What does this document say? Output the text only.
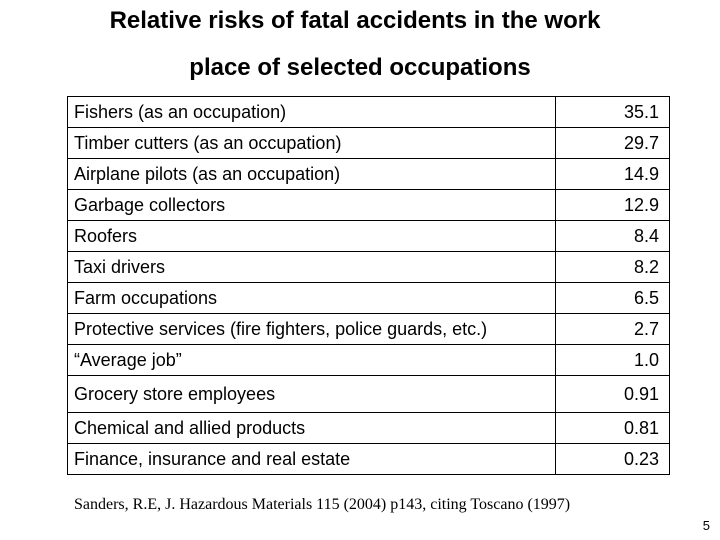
Relative risks of fatal accidents in the work
place of selected occupations
Fishers (as an occupation)	35.1
Timber cutters (as an occupation)	29.7
Airplane pilots (as an occupation)	14.9
Garbage collectors	12.9
Roofers	8.4
Taxi drivers	8.2
Farm occupations	6.5
Protective services (fire fighters, police guards, etc.)	2.7
“Average job”	1.0
Grocery store employees	0.91
Chemical and allied products	0.81
Finance, insurance and real estate	0.23
Sanders, R.E, J. Hazardous Materials 115 (2004) p143, citing Toscano (1997)
5
